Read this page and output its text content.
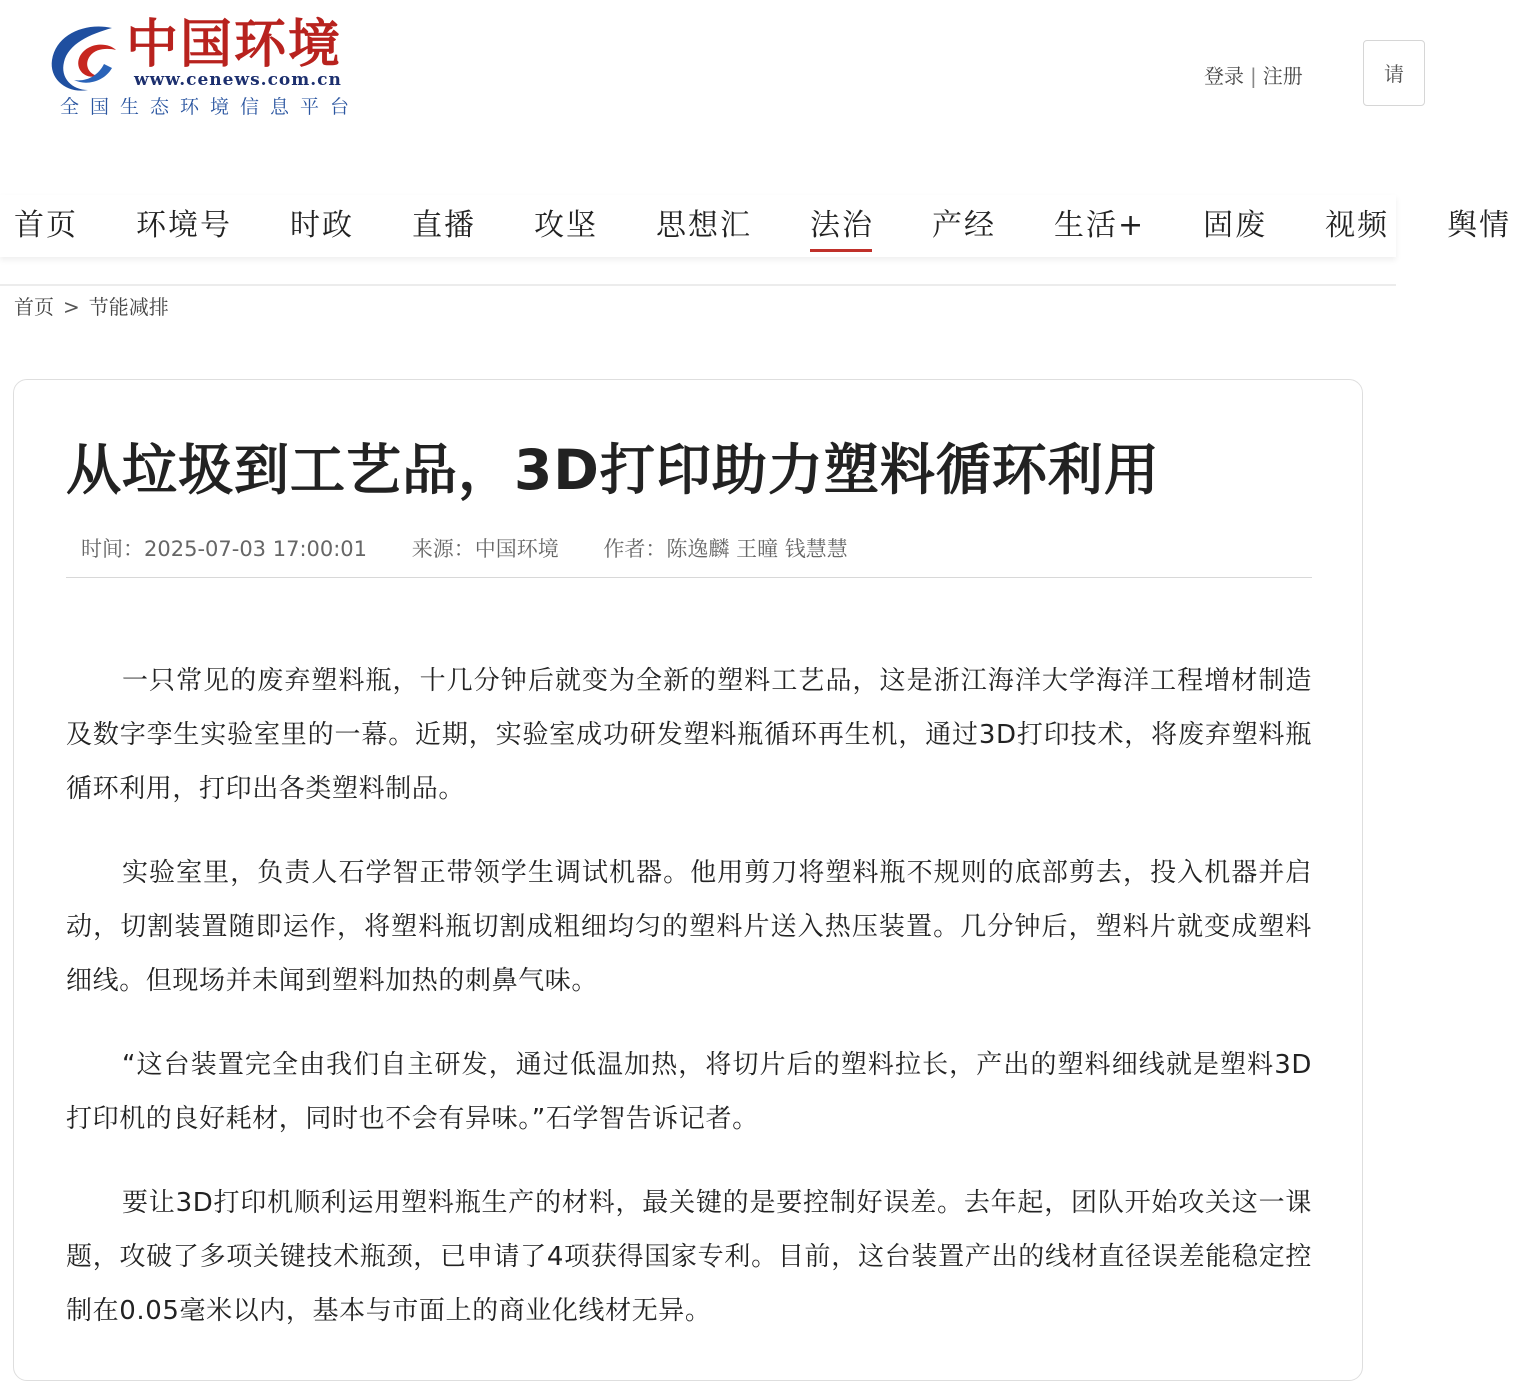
中国环境
www.cenews.com.cn
全国生态环境信息平台
登录 | 注册
请
首页	环境号	时政	直播	攻坚	思想汇	法治	产经	生活+	固废	视频	舆情
首页 > 节能减排
从垃圾到工艺品，3D打印助力塑料循环利用
时间：2025-07-03 17:00:01 来源：中国环境 作者：陈逸麟 王曈 钱慧慧

一只常见的废弃塑料瓶，十几分钟后就变为全新的塑料工艺品，这是浙江海洋大学海洋工程增材制造及数字孪生实验室里的一幕。近期，实验室成功研发塑料瓶循环再生机，通过3D打印技术，将废弃塑料瓶循环利用，打印出各类塑料制品。

实验室里，负责人石学智正带领学生调试机器。他用剪刀将塑料瓶不规则的底部剪去，投入机器并启动，切割装置随即运作，将塑料瓶切割成粗细均匀的塑料片送入热压装置。几分钟后，塑料片就变成塑料细线。但现场并未闻到塑料加热的刺鼻气味。

“这台装置完全由我们自主研发，通过低温加热，将切片后的塑料拉长，产出的塑料细线就是塑料3D打印机的良好耗材，同时也不会有异味。”石学智告诉记者。

要让3D打印机顺利运用塑料瓶生产的材料，最关键的是要控制好误差。去年起，团队开始攻关这一课题，攻破了多项关键技术瓶颈，已申请了4项获得国家专利。目前，这台装置产出的线材直径误差能稳定控制在0.05毫米以内，基本与市面上的商业化线材无异。
